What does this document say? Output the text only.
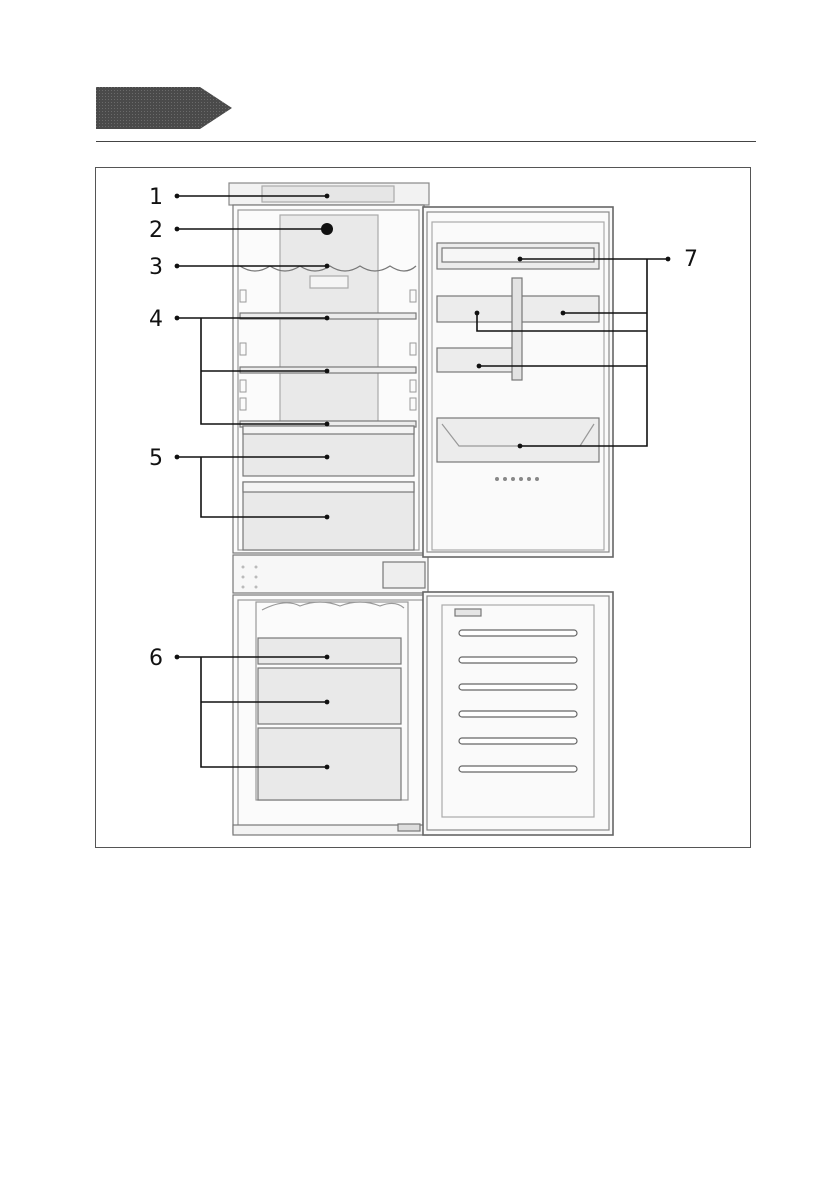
1
2
3
4
5
6
7
